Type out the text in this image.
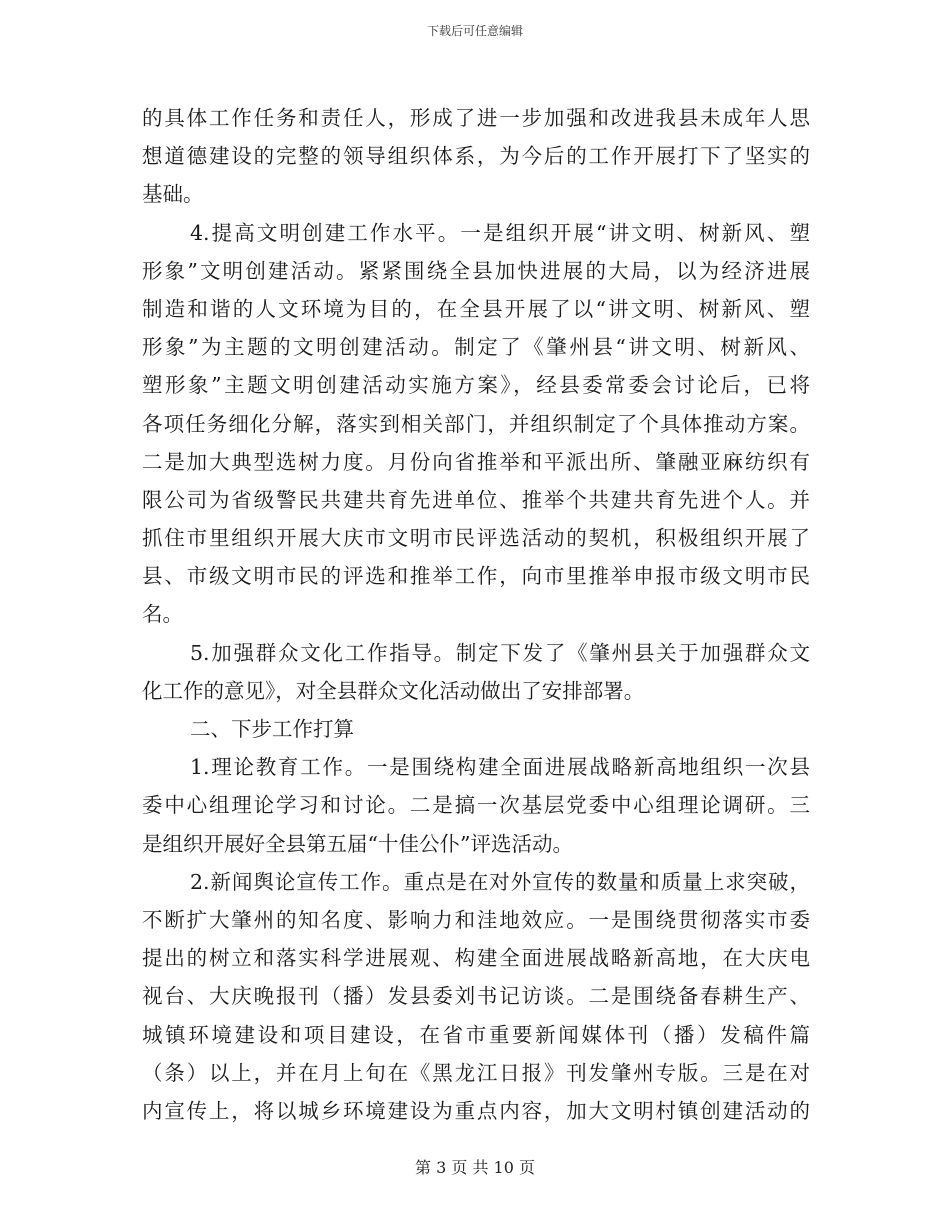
下载后可任意编辑
的具体工作任务和责任人，形成了进一步加强和改进我县未成年人思
想道德建设的完整的领导组织体系，为今后的工作开展打下了坚实的
基础。
4.提高文明创建工作水平。一是组织开展“讲文明、树新风、塑
形象”文明创建活动。紧紧围绕全县加快进展的大局，以为经济进展
制造和谐的人文环境为目的，在全县开展了以“讲文明、树新风、塑
形象”为主题的文明创建活动。制定了《肇州县“讲文明、树新风、
塑形象”主题文明创建活动实施方案》，经县委常委会讨论后，已将
各项任务细化分解，落实到相关部门，并组织制定了个具体推动方案。
二是加大典型选树力度。月份向省推举和平派出所、肇融亚麻纺织有
限公司为省级警民共建共育先进单位、推举个共建共育先进个人。并
抓住市里组织开展大庆市文明市民评选活动的契机，积极组织开展了
县、市级文明市民的评选和推举工作，向市里推举申报市级文明市民
名。
5.加强群众文化工作指导。制定下发了《肇州县关于加强群众文
化工作的意见》，对全县群众文化活动做出了安排部署。
二、下步工作打算
1.理论教育工作。一是围绕构建全面进展战略新高地组织一次县
委中心组理论学习和讨论。二是搞一次基层党委中心组理论调研。三
是组织开展好全县第五届“十佳公仆”评选活动。
2.新闻舆论宣传工作。重点是在对外宣传的数量和质量上求突破，
不断扩大肇州的知名度、影响力和洼地效应。一是围绕贯彻落实市委
提出的树立和落实科学进展观、构建全面进展战略新高地，在大庆电
视台、大庆晚报刊（播）发县委刘书记访谈。二是围绕备春耕生产、
城镇环境建设和项目建设，在省市重要新闻媒体刊（播）发稿件篇
（条）以上，并在月上旬在《黑龙江日报》刊发肇州专版。三是在对
内宣传上，将以城乡环境建设为重点内容，加大文明村镇创建活动的
第 3 页 共 10 页
